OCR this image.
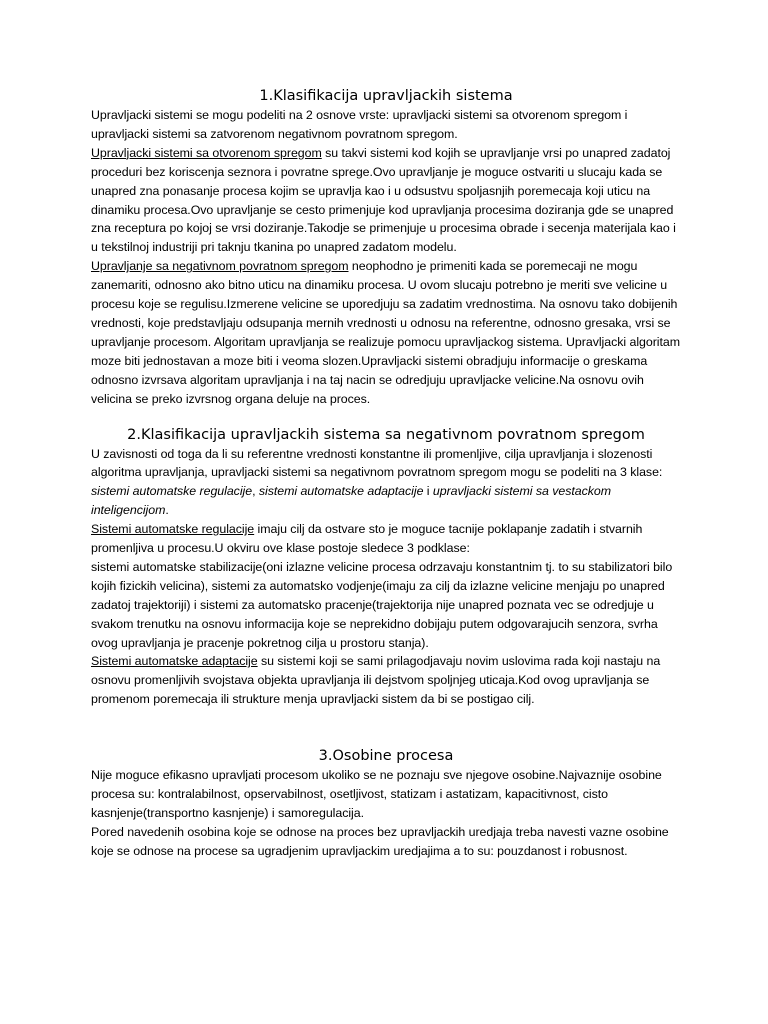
1.Klasifikacija upravljackih sistema

Upravljacki sistemi se mogu podeliti na 2 osnove vrste: upravljacki sistemi sa otvorenom spregom i upravljacki sistemi sa zatvorenom negativnom povratnom spregom.

Upravljacki sistemi sa otvorenom spregom su takvi sistemi kod kojih se upravljanje vrsi po unapred zadatoj proceduri bez koriscenja seznora i povratne sprege.Ovo upravljanje je moguce ostvariti u slucaju kada se unapred zna ponasanje procesa kojim se upravlja kao i u odsustvu spoljasnjih poremecaja koji uticu na dinamiku procesa.Ovo upravljanje se cesto primenjuje kod upravljanja procesima doziranja gde se unapred zna receptura po kojoj se vrsi doziranje.Takodje se primenjuje u procesima obrade i secenja materijala kao i u tekstilnoj industriji pri taknju tkanina po unapred zadatom modelu.

Upravljanje sa negativnom povratnom spregom neophodno je primeniti kada se poremecaji ne mogu zanemariti, odnosno ako bitno uticu na dinamiku procesa. U ovom slucaju potrebno je meriti sve velicine u procesu koje se regulisu.Izmerene velicine se uporedjuju sa zadatim vrednostima. Na osnovu tako dobijenih vrednosti, koje predstavljaju odsupanja mernih vrednosti u odnosu na referentne, odnosno gresaka, vrsi se upravljanje procesom. Algoritam upravljanja se realizuje pomocu upravljackog sistema. Upravljacki algoritam moze biti jednostavan a moze biti i veoma slozen.Upravljacki sistemi obradjuju informacije o greskama odnosno izvrsava algoritam upravljanja i na taj nacin se odredjuju upravljacke velicine.Na osnovu ovih velicina se preko izvrsnog organa deluje na proces.

2.Klasifikacija upravljackih sistema sa negativnom povratnom spregom

U zavisnosti od toga da li su referentne vrednosti konstantne ili promenljive, cilja upravljanja i slozenosti algoritma upravljanja, upravljacki sistemi sa negativnom povratnom spregom mogu se podeliti na 3 klase: sistemi automatske regulacije, sistemi automatske adaptacije i upravljacki sistemi sa vestackom inteligencijom.

Sistemi automatske regulacije imaju cilj da ostvare sto je moguce tacnije poklapanje zadatih i stvarnih promenljiva u procesu.U okviru ove klase postoje sledece 3 podklase:

sistemi automatske stabilizacije(oni izlazne velicine procesa odrzavaju konstantnim tj. to su stabilizatori bilo kojih fizickih velicina), sistemi za automatsko vodjenje(imaju za cilj da izlazne velicine menjaju po unapred zadatoj trajektoriji) i sistemi za automatsko pracenje(trajektorija nije unapred poznata vec se odredjuje u svakom trenutku na osnovu informacija koje se neprekidno dobijaju putem odgovarajucih senzora, svrha ovog upravljanja je pracenje pokretnog cilja u prostoru stanja).

Sistemi automatske adaptacije su sistemi koji se sami prilagodjavaju novim uslovima rada koji nastaju na osnovu promenljivih svojstava objekta upravljanja ili dejstvom spoljnjeg uticaja.Kod ovog upravljanja se promenom poremecaja ili strukture menja upravljacki sistem da bi se postigao cilj.

3.Osobine procesa

Nije moguce efikasno upravljati procesom ukoliko se ne poznaju sve njegove osobine.Najvaznije osobine procesa su: kontralabilnost, opservabilnost, osetljivost, statizam i astatizam, kapacitivnost, cisto kasnjenje(transportno kasnjenje) i samoregulacija.

Pored navedenih osobina koje se odnose na proces bez upravljackih uredjaja treba navesti vazne osobine koje se odnose na procese sa ugradjenim upravljackim uredjajima a to su: pouzdanost i robusnost.
